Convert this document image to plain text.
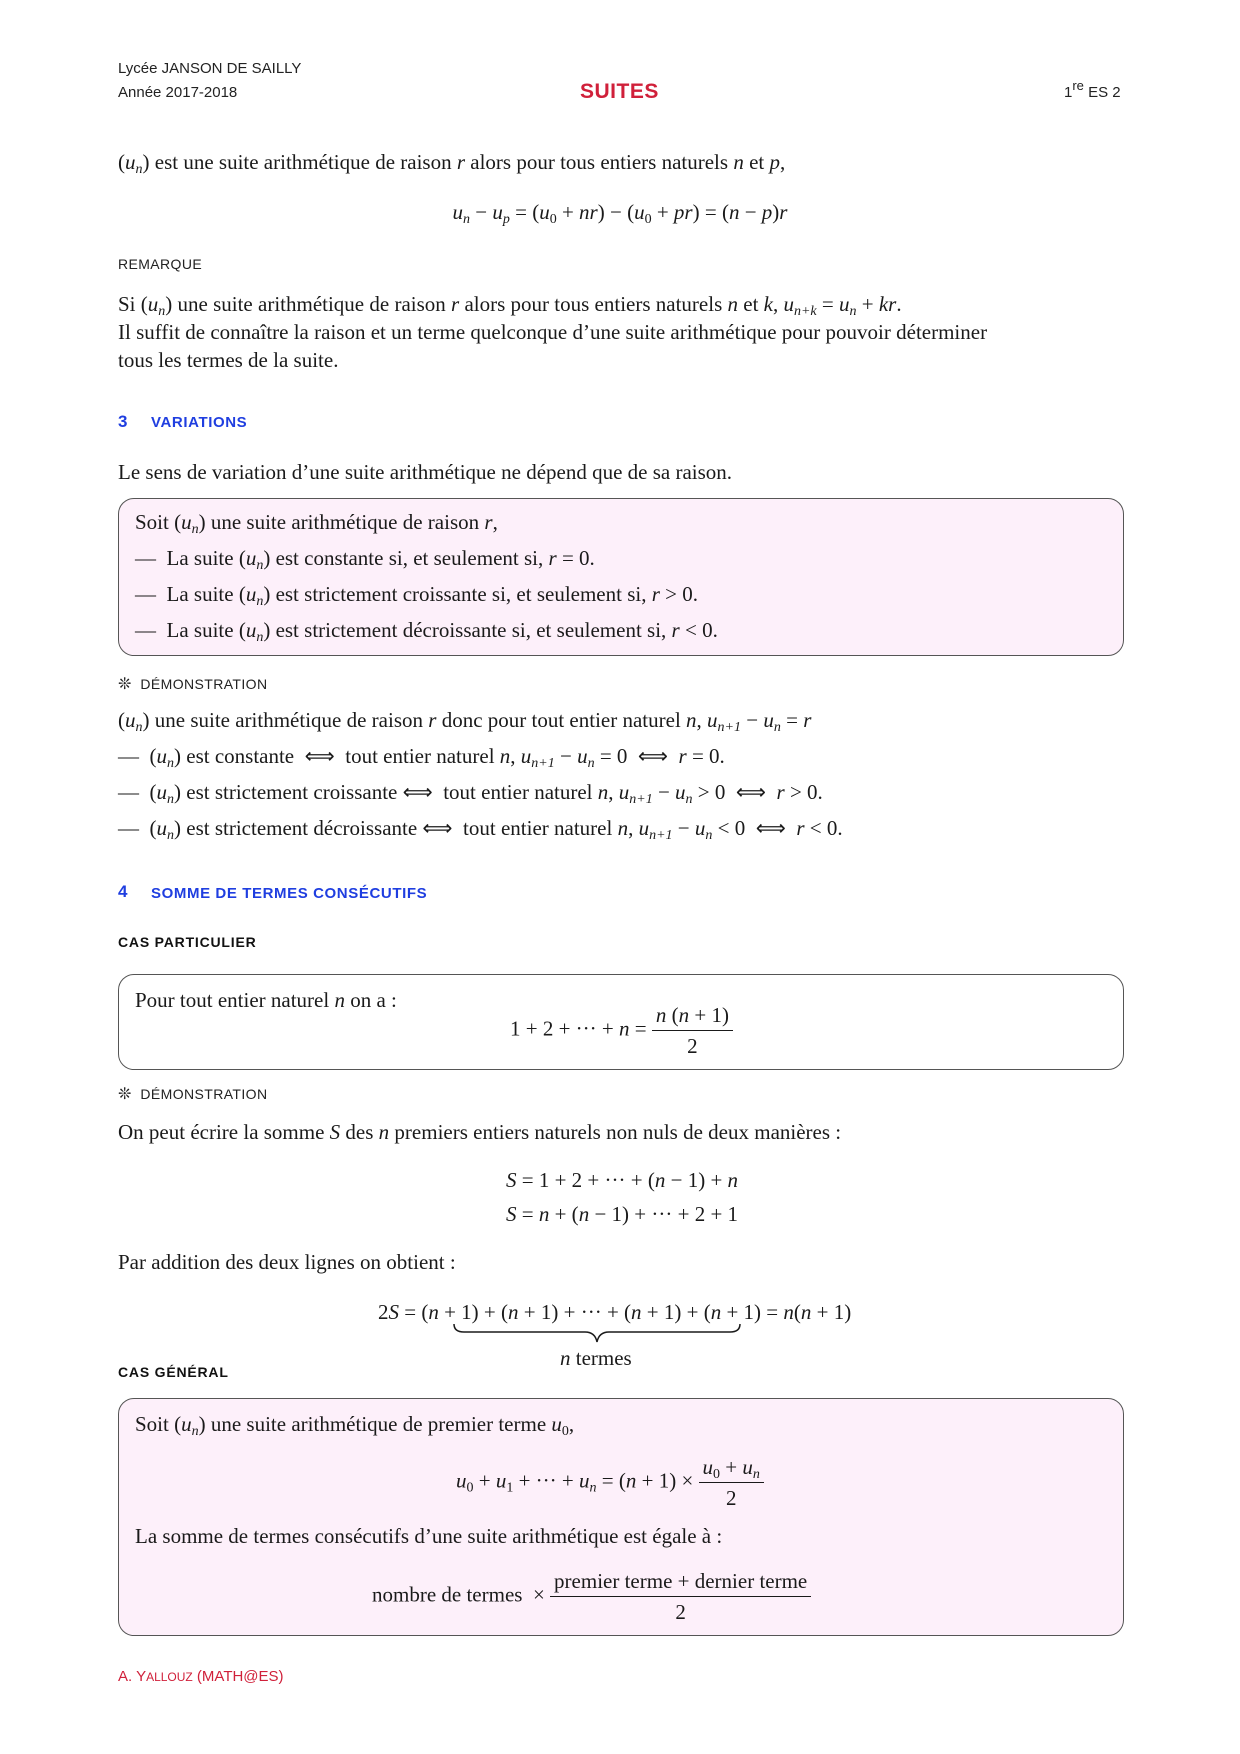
Lycée JANSON DE SAILLY
Année 2017-2018	SUITES	1re ES 2
$(u_n)$ est une suite arithmétique de raison r alors pour tous entiers naturels n et p,
$u_n - u_p = (u_0 + nr) - (u_0 + pr) = (n - p)r$
REMARQUE
Si $(u_n)$ une suite arithmétique de raison r alors pour tous entiers naturels n et k, $u_{n+k} = u_n$ + kr.
Il suffit de connaître la raison et un terme quelconque d’une suite arithmétique pour pouvoir déterminer
tous les termes de la suite.
3 VARIATIONS
Le sens de variation d’une suite arithmétique ne dépend que de sa raison.
Soit $(u_n)$ une suite arithmétique de raison r,
— La suite $(u_n)$ est constante si, et seulement si, r = 0.
— La suite $(u_n)$ est strictement croissante si, et seulement si, r > 0.
— La suite $(u_n)$ est strictement décroissante si, et seulement si, r < 0.
❊ DÉMONSTRATION
$(u_n)$ une suite arithmétique de raison r donc pour tout entier naturel n, $u_{n+1} - u_n = r$
—  $(u_n)$ est constante ⟺ tout entier naturel n, $u_{n+1} - u_n = 0$  ⟺ r = 0.
—  $(u_n)$ est strictement croissante ⟺ tout entier naturel n, $u_{n+1} - u_n > 0$  ⟺ r > 0.
—  $(u_n)$ est strictement décroissante ⟺ tout entier naturel n, $u_{n+1} - u_n < 0$  ⟺ r < 0.
4 SOMME DE TERMES CONSÉCUTIFS
CAS PARTICULIER
Pour tout entier naturel n on a :
1 + 2 + ··· + $n = \frac{n (n + 1)}{2}$
❊ DÉMONSTRATION
On peut écrire la somme S des n premiers entiers naturels non nuls de deux manières :
S = 1 + 2 + ··· + (n − 1) + n
S = n + (n − 1) + ··· + 2 + 1
Par addition des deux lignes on obtient :
2S = (n + 1) + (n + 1) + ··· + (n + 1) + (n + 1) = n(n + 1)
n termes
CAS GÉNÉRAL
Soit $(u_n)$ une suite arithmétique de premier terme $u_0$,
$u_0 + u_1$ + ··· + $u_n = (n + 1) \times \frac{u_0 + u_n}{2}$
La somme de termes consécutifs d’une suite arithmétique est égale à :
nombre de termes  × $\frac{\text{premier terme + dernier terme}}{2}$
A. YALLOUZ (MATH@ES)
